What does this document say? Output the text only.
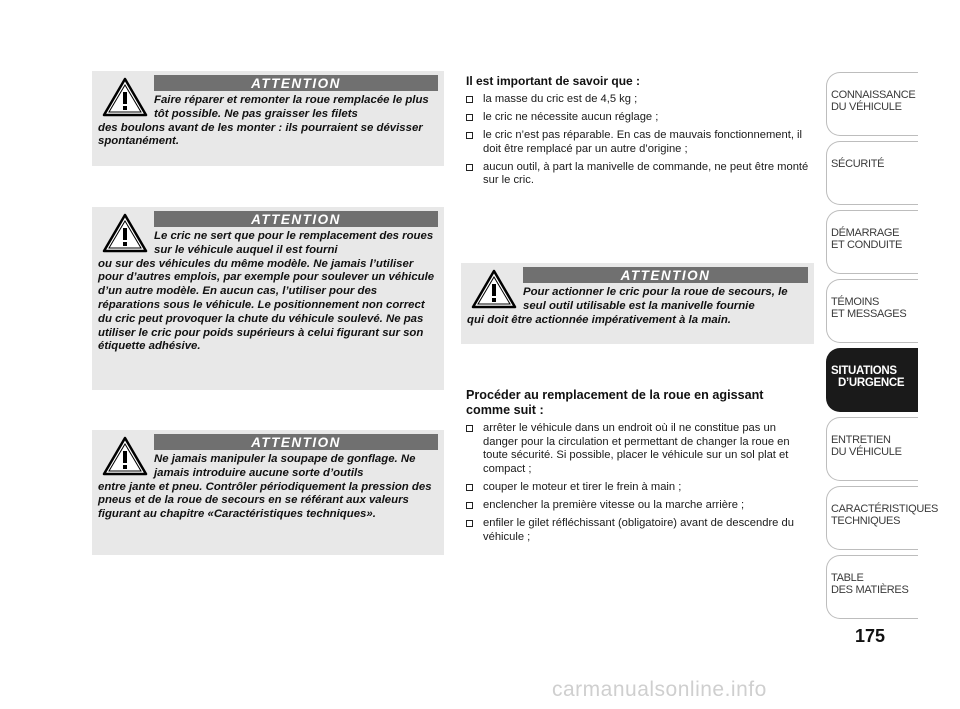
ATTENTION
Faire réparer et remonter la roue remplacée le plus tôt possible. Ne pas graisser les filets
des boulons avant de les monter : ils pourraient se dévisser spontanément.
ATTENTION
Le cric ne sert que pour le remplacement des roues sur le véhicule auquel il est fourni
ou sur des véhicules du même modèle. Ne jamais l’utiliser pour d’autres emplois, par exemple pour soulever un véhicule d’un autre modèle. En aucun cas, l’utiliser pour des réparations sous le véhicule. Le positionnement non correct du cric peut provoquer la chute du véhicule soulevé. Ne pas utiliser le cric pour poids supérieurs à celui figurant sur son étiquette adhésive.
ATTENTION
Ne jamais manipuler la soupape de gonflage. Ne jamais introduire aucune sorte d’outils
entre jante et pneu. Contrôler périodiquement la pression des pneus et de la roue de secours en se référant aux valeurs figurant au chapitre «Caractéristiques techniques».
Il est important de savoir que :
la masse du cric est de 4,5 kg ;
le cric ne nécessite aucun réglage ;
le cric n’est pas réparable. En cas de mauvais fonctionnement, il doit être remplacé par un autre d’origine ;
aucun outil, à part la manivelle de commande, ne peut être monté sur le cric.
ATTENTION
Pour actionner le cric pour la roue de secours, le seul outil utilisable est la manivelle fournie
qui doit être actionnée impérativement à la main.
Procéder au remplacement de la roue en agissant comme suit :
arrêter le véhicule dans un endroit où il ne constitue pas un danger pour la circulation et permettant de changer la roue en toute sécurité. Si possible, placer le véhicule sur un sol plat et compact ;
couper le moteur et tirer le frein à main ;
enclencher la première vitesse ou la marche arrière ;
enfiler le gilet réfléchissant (obligatoire) avant de descendre du véhicule ;
CONNAISSANCE
DU VÉHICULE
SÉCURITÉ
DÉMARRAGE
ET CONDUITE
TÉMOINS
ET MESSAGES
SITUATIONS
D’URGENCE
ENTRETIEN
DU VÉHICULE
CARACTÉRISTIQUES
TECHNIQUES
TABLE
DES MATIÈRES
175
carmanualsonline.info
